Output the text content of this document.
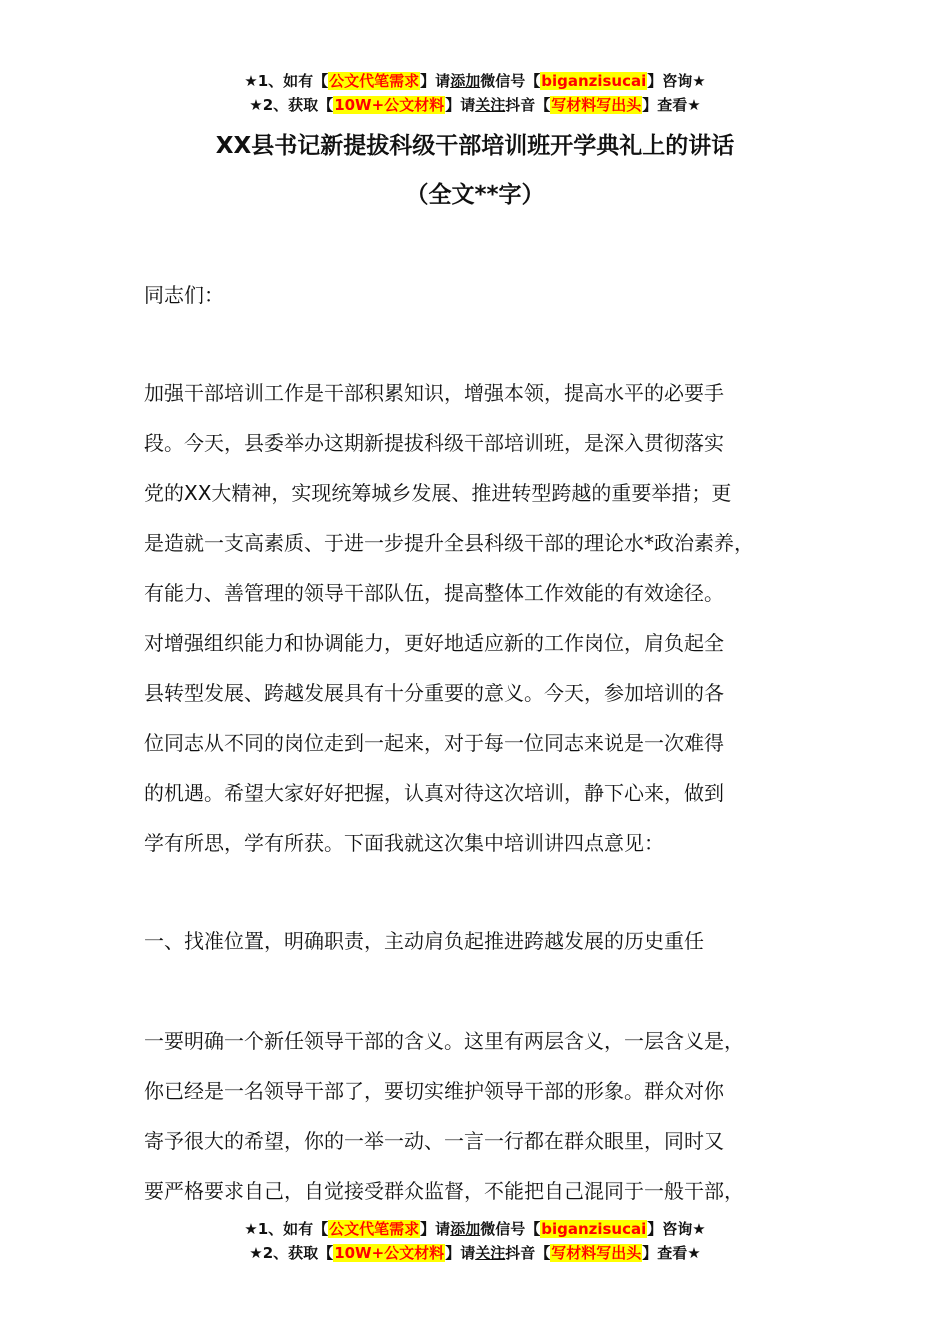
★1、如有【公文代笔需求】请添加微信号【biganzisucai】咨询★
★2、获取【10W+公文材料】请关注抖音【写材料写出头】查看★
XX县书记新提拔科级干部培训班开学典礼上的讲话
（全文**字）
同志们：
加强干部培训工作是干部积累知识，增强本领，提高水平的必要手
段。今天，县委举办这期新提拔科级干部培训班，是深入贯彻落实
党的XX大精神，实现统筹城乡发展、推进转型跨越的重要举措；更
是造就一支高素质、于进一步提升全县科级干部的理论水*政治素养，
有能力、善管理的领导干部队伍，提高整体工作效能的有效途径。
对增强组织能力和协调能力，更好地适应新的工作岗位，肩负起全
县转型发展、跨越发展具有十分重要的意义。今天，参加培训的各
位同志从不同的岗位走到一起来，对于每一位同志来说是一次难得
的机遇。希望大家好好把握，认真对待这次培训，静下心来，做到
学有所思，学有所获。下面我就这次集中培训讲四点意见：
一、找准位置，明确职责，主动肩负起推进跨越发展的历史重任
一要明确一个新任领导干部的含义。这里有两层含义，一层含义是，
你已经是一名领导干部了，要切实维护领导干部的形象。群众对你
寄予很大的希望，你的一举一动、一言一行都在群众眼里，同时又
要严格要求自己，自觉接受群众监督，不能把自己混同于一般干部，
★1、如有【公文代笔需求】请添加微信号【biganzisucai】咨询★
★2、获取【10W+公文材料】请关注抖音【写材料写出头】查看★
